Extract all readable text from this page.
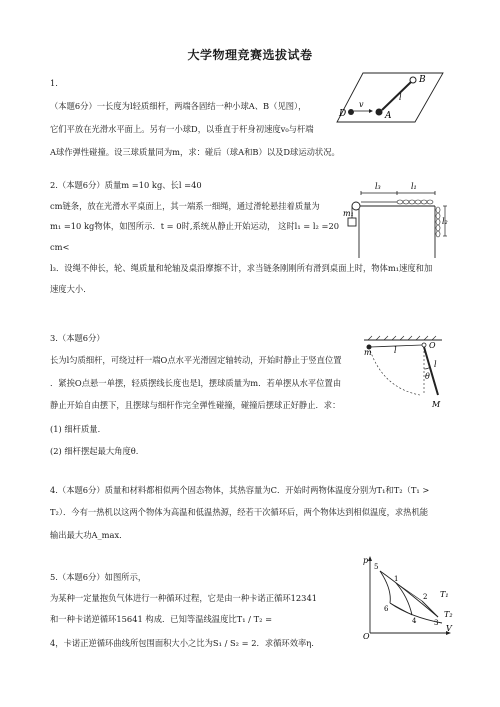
大学物理竞赛选拔试卷
1.
（本题6分）一长度为l轻质细杆，两端各固结一种小球A、B（见图），
它们平放在光滑水平面上。另有一小球D，以垂直于杆身初速度v₀与杆端
A球作弹性碰撞。设三球质量同为m，求：碰后（球A和B）以及D球运动状况。
B
A
D
v
l
2.（本题6分）质量m =10 kg、长l =40
cm链条，放在光滑水平桌面上，其一端系一细绳，通过滑轮悬挂着质量为
m₁ =10 kg物体，如图所示．t = 0时,系统从静止开始运动， 这时l₁ = l₂ =20
cm<
l₃．设绳不伸长，轮、绳质量和轮轴及桌沿摩擦不计，求当链条刚刚所有滑到桌面上时，物体m₁速度和加
速度大小．
l₃	l₁
m₁
l₂
3.（本题6分）
长为l匀质细杆，可绕过杆一端O点水平光滑固定轴转动，开始时静止于竖直位置
．紧挨O点悬一单摆，轻质摆线长度也是l，摆球质量为m．若单摆从水平位置由
静止开始自由摆下，且摆球与细杆作完全弹性碰撞，碰撞后摆球正好静止．求：
(1) 细杆质量．
(2) 细杆摆起最大角度θ.
m
O
l
l
θ
M
4.（本题6分）质量和材料都相似两个固态物体，其热容量为C．开始时两物体温度分别为T₁和T₂（T₁ >
T₂）．今有一热机以这两个物体为高温和低温热源，经若干次循环后，两个物体达到相似温度，求热机能
输出最大功A_max．
5.（本题6分）如图所示，
为某种一定量抱负气体进行一种循环过程，它是由一种卡诺正循环12341
和一种卡诺逆循环15641 构成．已知等温线温度比T₁ / T₂ =
4，卡诺正逆循环曲线所包围面积大小之比为S₁ / S₂ = 2．求循环效率η.
p
V
O
1
2
3
4
5
6
T₁
T₂
